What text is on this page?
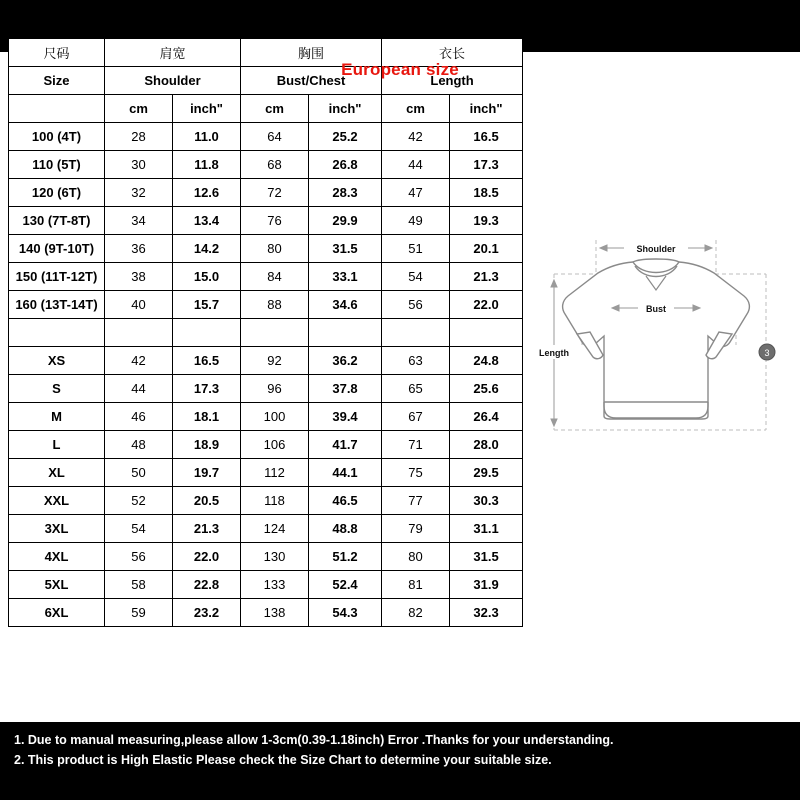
European size
尺码	肩宽		胸围		衣长	
Size	Shoulder		Bust/Chest		Length	
	cm	inch"	cm	inch"	cm	inch"
100 (4T)	28	11.0	64	25.2	42	16.5
110 (5T)	30	11.8	68	26.8	44	17.3
120 (6T)	32	12.6	72	28.3	47	18.5
130 (7T-8T)	34	13.4	76	29.9	49	19.3
140 (9T-10T)	36	14.2	80	31.5	51	20.1
150 (11T-12T)	38	15.0	84	33.1	54	21.3
160 (13T-14T)	40	15.7	88	34.6	56	22.0

XS	42	16.5	92	36.2	63	24.8
S	44	17.3	96	37.8	65	25.6
M	46	18.1	100	39.4	67	26.4
L	48	18.9	106	41.7	71	28.0
XL	50	19.7	112	44.1	75	29.5
XXL	52	20.5	118	46.5	77	30.3
3XL	54	21.3	124	48.8	79	31.1
4XL	56	22.0	130	51.2	80	31.5
5XL	58	22.8	133	52.4	81	31.9
6XL	59	23.2	138	54.3	82	32.3
Shoulder
Bust
Length	3
1. Due to manual measuring,please allow 1-3cm(0.39-1.18inch) Error .Thanks for your understanding.
2. This product is High Elastic Please check the Size Chart to determine your suitable size.
